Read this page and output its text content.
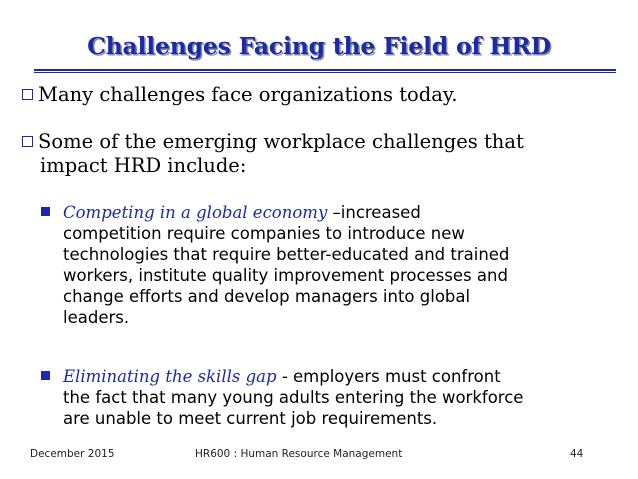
Challenges Facing the Field of HRD
Many challenges face organizations today.
Some of the emerging workplace challenges that
impact HRD include:
Competing in a global economy –increased
competition require companies to introduce new
technologies that require better-educated and trained
workers, institute quality improvement processes and
change efforts and develop managers into global
leaders.
Eliminating the skills gap - employers must confront
the fact that many young adults entering the workforce
are unable to meet current job requirements.
December 2015	HR600 : Human Resource Management	44
